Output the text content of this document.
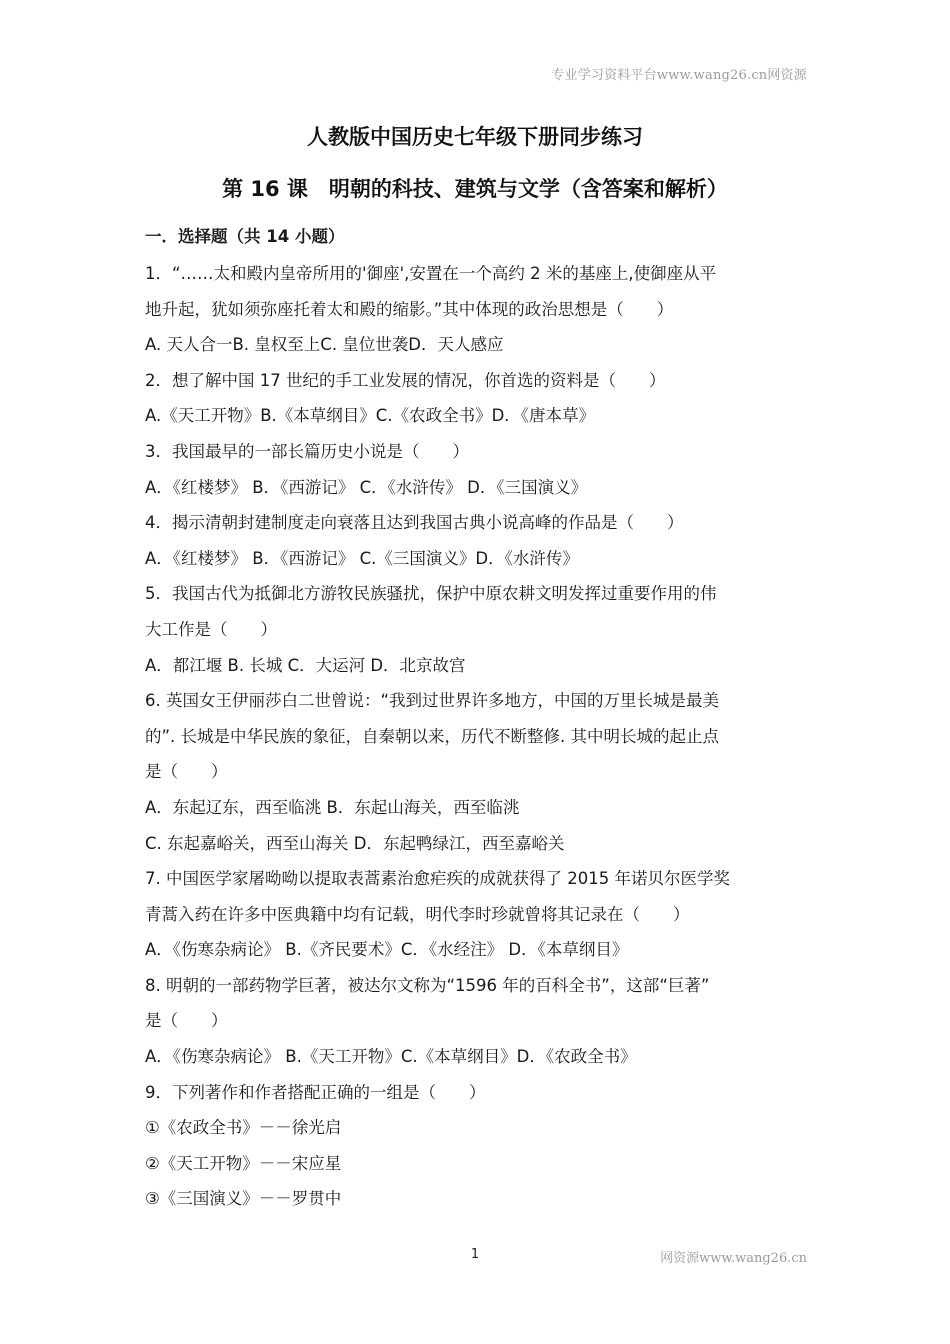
专业学习资料平台www.wang26.cn网资源
人教版中国历史七年级下册同步练习
第 16 课　明朝的科技、建筑与文学（含答案和解析）
一．选择题（共 14 小题）
1．“……太和殿内皇帝所用的'御座',安置在一个高约 2 米的基座上,使御座从平
地升起，犹如须弥座托着太和殿的缩影。”其中体现的政治思想是（　　）
A. 天人合一B. 皇权至上C. 皇位世袭D．天人感应
2．想了解中国 17 世纪的手工业发展的情况，你首选的资料是（　　）
A.《天工开物》B.《本草纲目》C.《农政全书》D．《唐本草》
3．我国最早的一部长篇历史小说是（　　）
A．《红楼梦》 B．《西游记》 C．《水浒传》 D．《三国演义》
4．揭示清朝封建制度走向衰落且达到我国古典小说高峰的作品是（　　）
A．《红楼梦》 B．《西游记》 C.《三国演义》D．《水浒传》
5．我国古代为抵御北方游牧民族骚扰，保护中原农耕文明发挥过重要作用的伟
大工作是（　　）
A．都江堰 B. 长城 C．大运河 D．北京故宫
6. 英国女王伊丽莎白二世曾说：“我到过世界许多地方，中国的万里长城是最美
的”. 长城是中华民族的象征，自秦朝以来，历代不断整修. 其中明长城的起止点
是（　　）
A．东起辽东，西至临洮 B．东起山海关，西至临洮
C. 东起嘉峪关，西至山海关 D．东起鸭绿江，西至嘉峪关
7. 中国医学家屠呦呦以提取表蒿素治愈疟疾的成就获得了 2015 年诺贝尔医学奖
青蒿入药在许多中医典籍中均有记载，明代李时珍就曾将其记录在（　　）
A．《伤寒杂病论》 B.《齐民要术》C．《水经注》 D．《本草纲目》
8. 明朝的一部药物学巨著，被达尔文称为“1596 年的百科全书”，这部“巨著”
是（　　）
A．《伤寒杂病论》 B.《天工开物》C.《本草纲目》D．《农政全书》
9．下列著作和作者搭配正确的一组是（　　）
①《农政全书》－－徐光启
②《天工开物》－－宋应星
③《三国演义》－－罗贯中
1	网资源www.wang26.cn
